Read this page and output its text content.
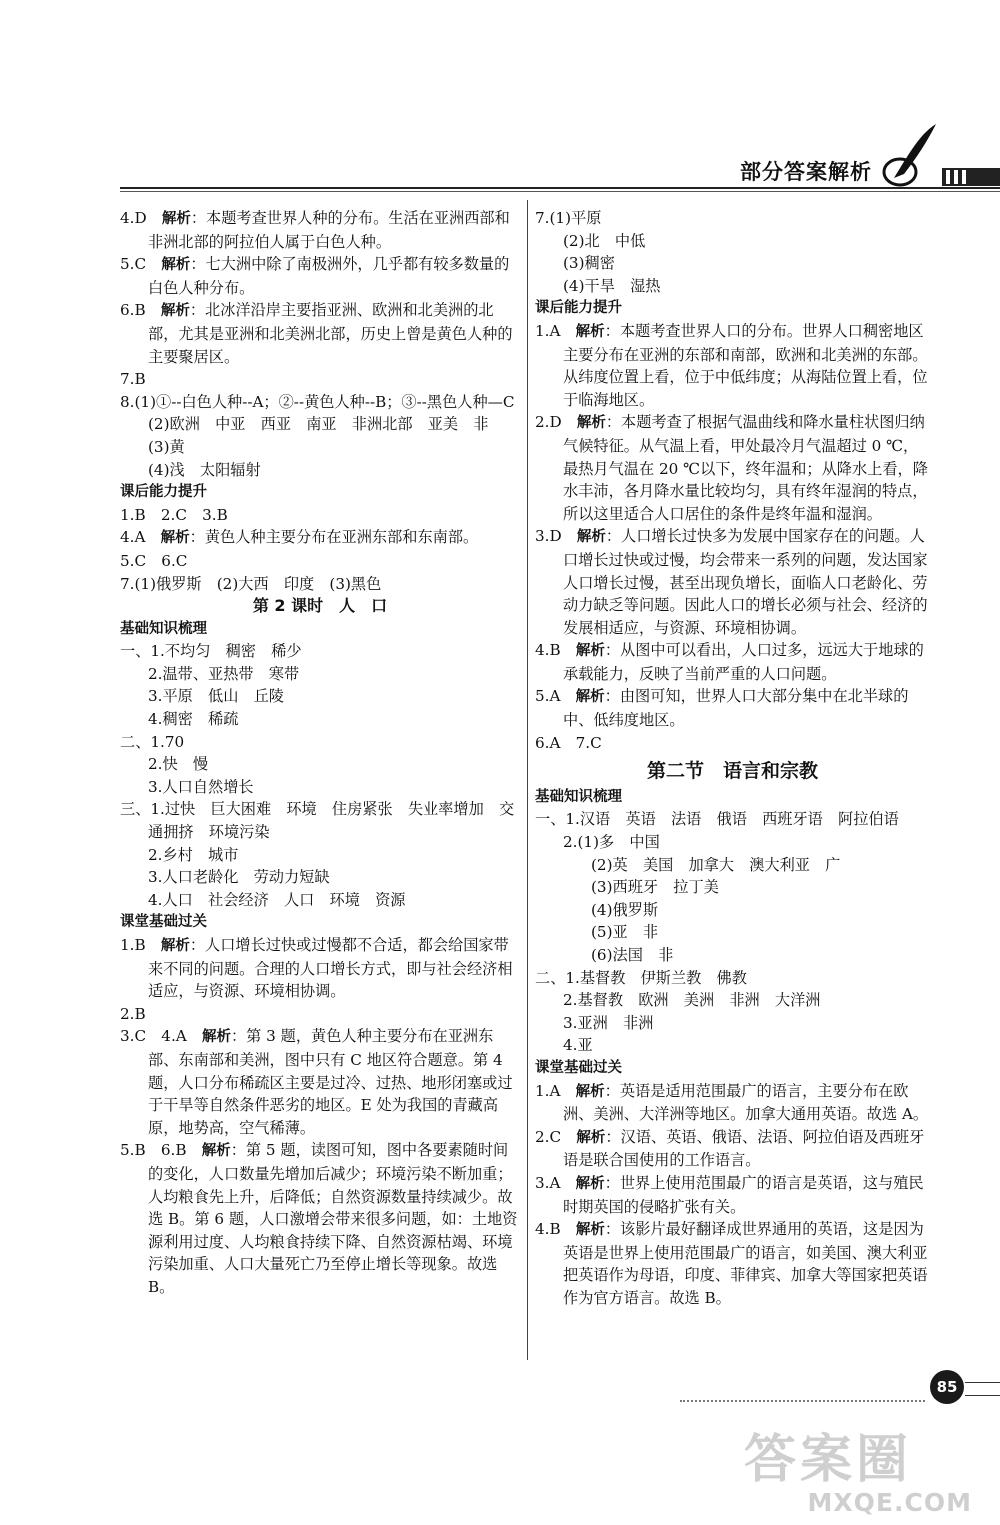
部分答案解析

4.D　 解析：本题考查世界人种的分布。生活在亚洲西部和非洲北部的阿拉伯人属于白色人种。

5.C　 解析：七大洲中除了南极洲外，几乎都有较多数量的白色人种分布。

6.B　 解析：北冰洋沿岸主要指亚洲、欧洲和北美洲的北部，尤其是亚洲和北美洲北部，历史上曾是黄色人种的主要聚居区。

7.B

8.(1)①--白色人种--A；②--黄色人种--B；③--黑色人种—C

(2)欧洲　中亚　西亚　南亚　非洲北部　亚美　非

(3)黄

(4)浅　太阳辐射

课后能力提升

1.B　2.C　3.B

4.A　 解析：黄色人种主要分布在亚洲东部和东南部。

5.C　6.C

7.(1)俄罗斯　(2)大西　印度　(3)黑色

第 2 课时　人　口

基础知识梳理

一、1.不均匀　稠密　稀少

2.温带、亚热带　寒带

3.平原　低山　丘陵

4.稠密　稀疏

二、1.70

2.快　慢

3.人口自然增长

三、1.过快　巨大困难　环境　住房紧张　失业率增加　交通拥挤　环境污染

2.乡村　城市

3.人口老龄化　劳动力短缺

4.人口　社会经济　人口　环境　资源

课堂基础过关

1.B　 解析：人口增长过快或过慢都不合适，都会给国家带来不同的问题。合理的人口增长方式，即与社会经济相适应，与资源、环境相协调。

2.B

3.C　4.A　 解析：第 3 题，黄色人种主要分布在亚洲东部、东南部和美洲，图中只有 C 地区符合题意。第 4 题，人口分布稀疏区主要是过冷、过热、地形闭塞或过于干旱等自然条件恶劣的地区。E 处为我国的青藏高原，地势高，空气稀薄。

5.B　6.B　 解析：第 5 题，读图可知，图中各要素随时间的变化，人口数量先增加后减少；环境污染不断加重；人均粮食先上升，后降低；自然资源数量持续减少。故选 B。第 6 题，人口激增会带来很多问题，如：土地资源利用过度、人均粮食持续下降、自然资源枯竭、环境污染加重、人口大量死亡乃至停止增长等现象。故选 B。

7.(1)平原

(2)北　中低

(3)稠密

(4)干旱　湿热

课后能力提升

1.A　 解析：本题考查世界人口的分布。世界人口稠密地区主要分布在亚洲的东部和南部，欧洲和北美洲的东部。从纬度位置上看，位于中低纬度；从海陆位置上看，位于临海地区。

2.D　 解析：本题考查了根据气温曲线和降水量柱状图归纳气候特征。从气温上看，甲处最冷月气温超过 0 ℃，最热月气温在 20 ℃以下，终年温和；从降水上看，降水丰沛，各月降水量比较均匀，具有终年湿润的特点，所以这里适合人口居住的条件是终年温和湿润。

3.D　 解析：人口增长过快多为发展中国家存在的问题。人口增长过快或过慢，均会带来一系列的问题，发达国家人口增长过慢，甚至出现负增长，面临人口老龄化、劳动力缺乏等问题。因此人口的增长必须与社会、经济的发展相适应，与资源、环境相协调。

4.B　 解析：从图中可以看出，人口过多，远远大于地球的承载能力，反映了当前严重的人口问题。

5.A　 解析：由图可知，世界人口大部分集中在北半球的中、低纬度地区。

6.A　7.C

第二节　语言和宗教

基础知识梳理

一、1.汉语　英语　法语　俄语　西班牙语　阿拉伯语

2.(1)多　中国

(2)英　美国　加拿大　澳大利亚　广

(3)西班牙　拉丁美

(4)俄罗斯

(5)亚　非

(6)法国　非

二、1.基督教　伊斯兰教　佛教

2.基督教　欧洲　美洲　非洲　大洋洲

3.亚洲　非洲

4.亚

课堂基础过关

1.A　 解析：英语是适用范围最广的语言，主要分布在欧洲、美洲、大洋洲等地区。加拿大通用英语。故选 A。

2.C　 解析：汉语、英语、俄语、法语、阿拉伯语及西班牙语是联合国使用的工作语言。

3.A　 解析：世界上使用范围最广的语言是英语，这与殖民时期英国的侵略扩张有关。

4.B　 解析：该影片最好翻译成世界通用的英语，这是因为英语是世界上使用范围最广的语言，如美国、澳大利亚把英语作为母语，印度、菲律宾、加拿大等国家把英语作为官方语言。故选 B。

85
答案圈
MXQE.COM
